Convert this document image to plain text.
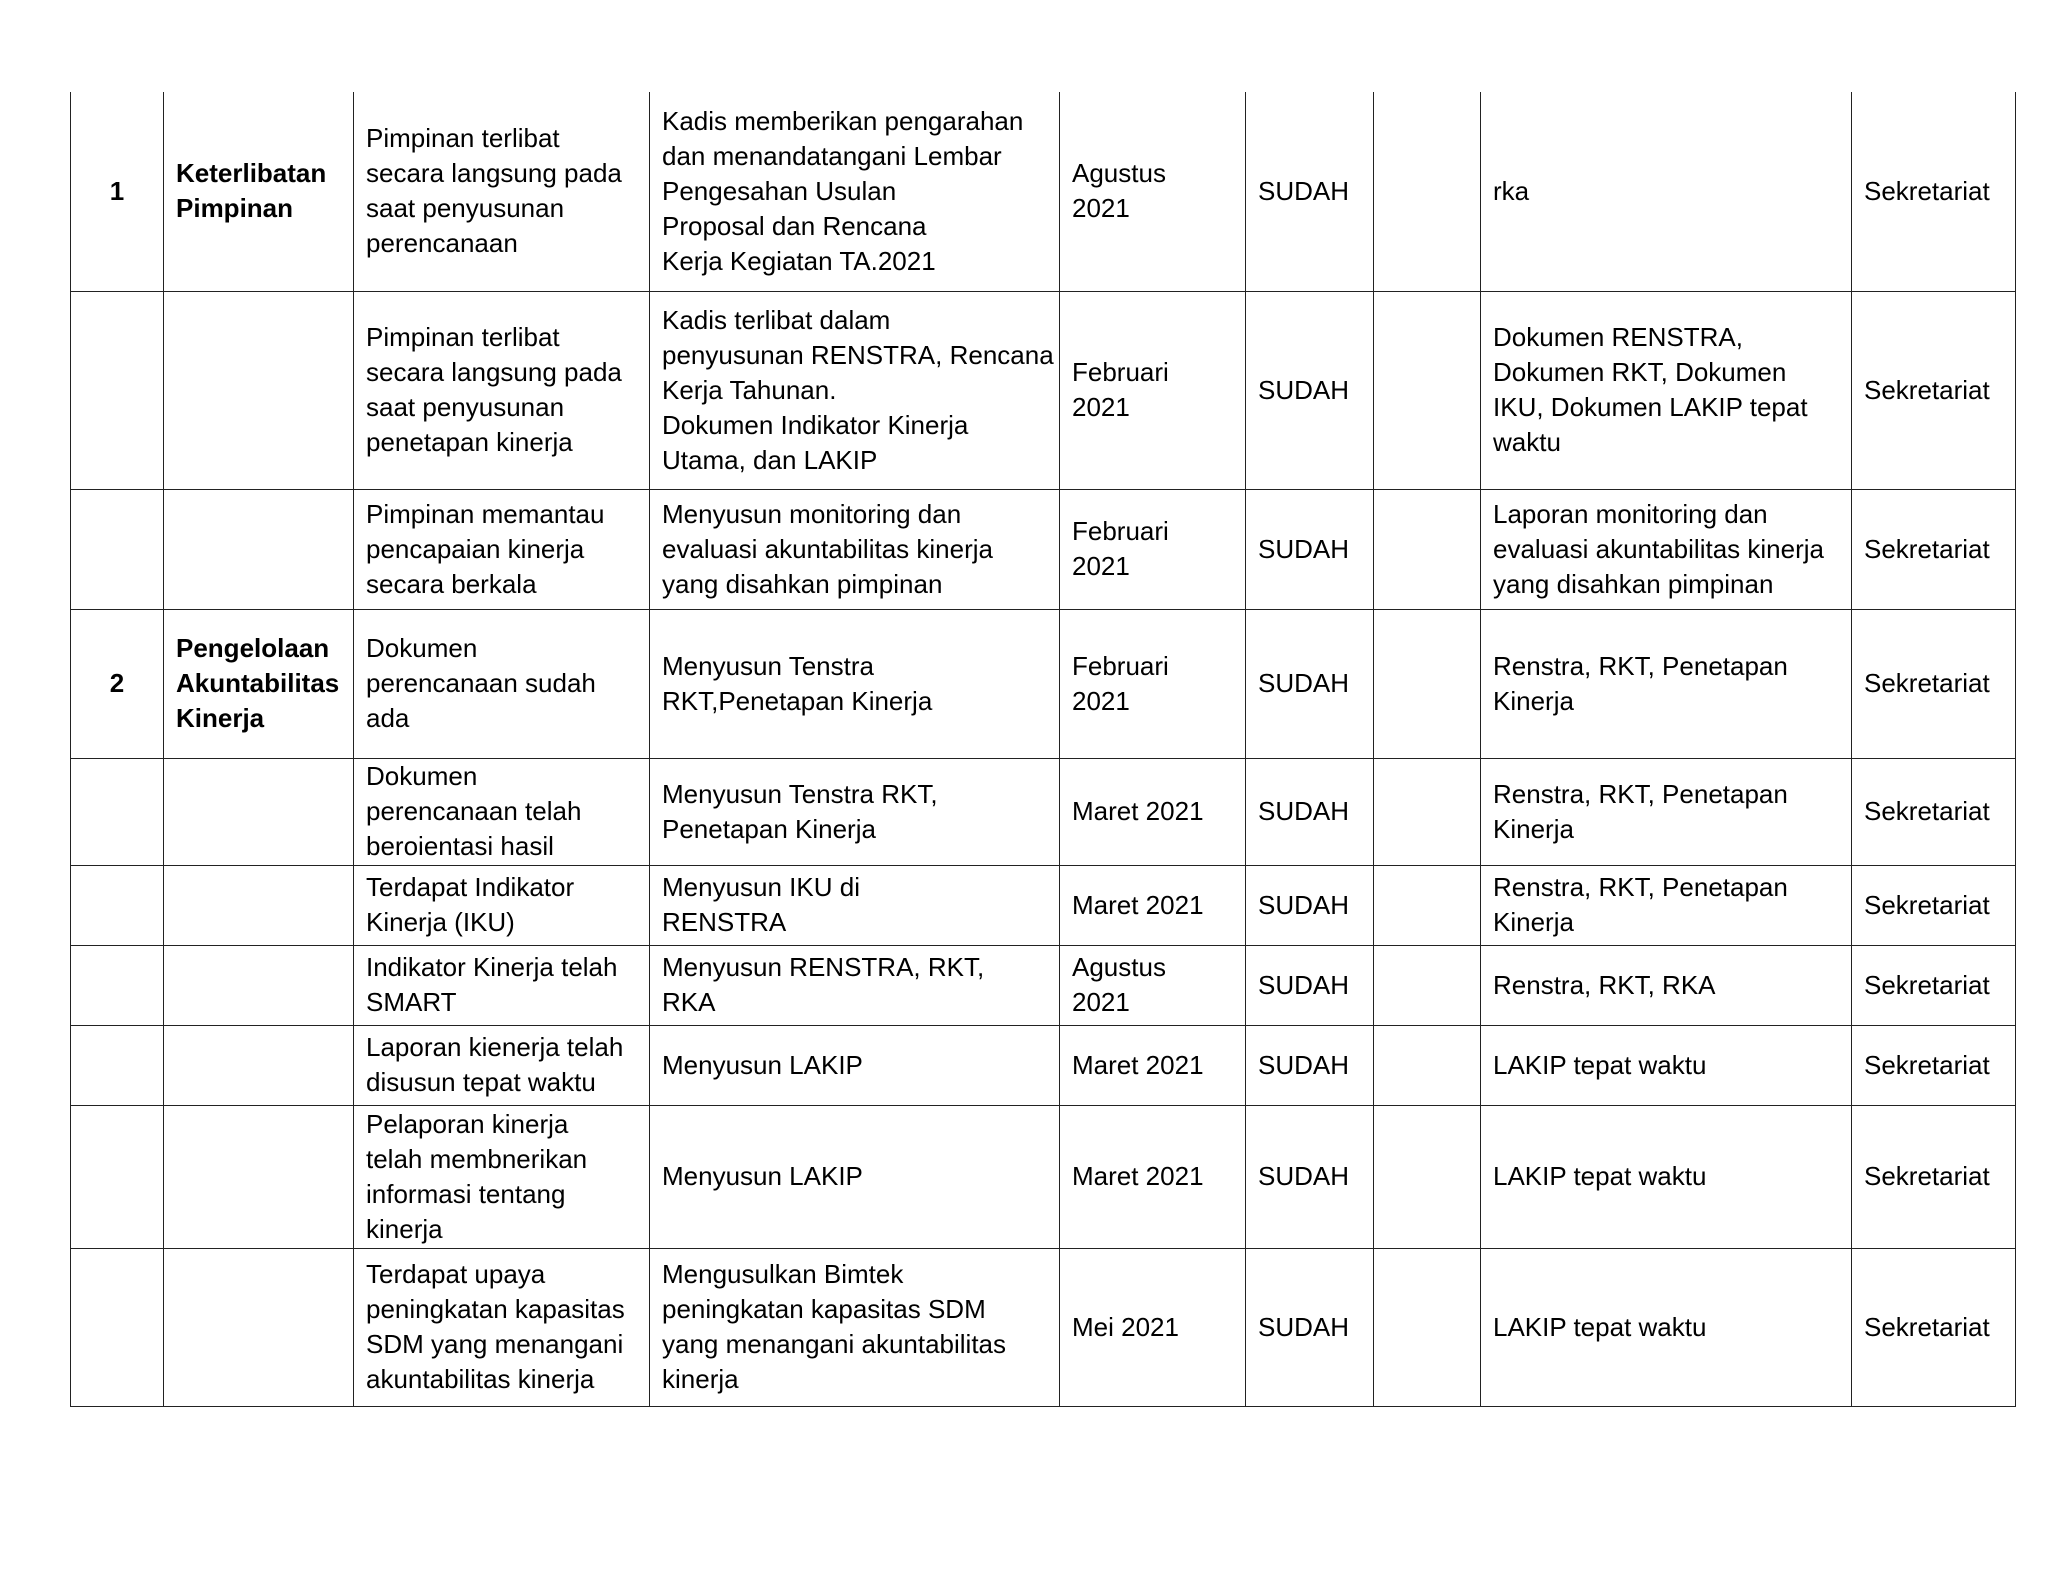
1	Keterlibatan
Pimpinan	Pimpinan terlibat
secara langsung pada
saat penyusunan
perencanaan	Kadis memberikan pengarahan
dan menandatangani Lembar
Pengesahan Usulan
Proposal dan Rencana
Kerja Kegiatan TA.2021	Agustus
2021	SUDAH		rka	Sekretariat

		Pimpinan terlibat
secara langsung pada
saat penyusunan
penetapan kinerja	Kadis terlibat dalam
penyusunan RENSTRA, Rencana
Kerja Tahunan.
Dokumen Indikator Kinerja
Utama, dan LAKIP	Februari
2021	SUDAH		Dokumen RENSTRA,
Dokumen RKT, Dokumen
IKU, Dokumen LAKIP tepat
waktu	Sekretariat

		Pimpinan memantau
pencapaian kinerja
secara berkala	Menyusun monitoring dan
evaluasi akuntabilitas kinerja
yang disahkan pimpinan	Februari
2021	SUDAH		Laporan monitoring dan
evaluasi akuntabilitas kinerja
yang disahkan pimpinan	Sekretariat
2	Pengelolaan
Akuntabilitas
Kinerja	Dokumen
perencanaan sudah
ada	Menyusun Tenstra
RKT,Penetapan Kinerja	Februari
2021	SUDAH		Renstra, RKT, Penetapan
Kinerja	Sekretariat

		Dokumen
perencanaan telah
beroientasi hasil	Menyusun Tenstra RKT,
Penetapan Kinerja	Maret 2021	SUDAH		Renstra, RKT, Penetapan
Kinerja	Sekretariat

		Terdapat Indikator
Kinerja (IKU)	Menyusun IKU di
RENSTRA	Maret 2021	SUDAH		Renstra, RKT, Penetapan
Kinerja	Sekretariat

		Indikator Kinerja telah
SMART	Menyusun RENSTRA, RKT,
RKA	Agustus
2021	SUDAH		Renstra, RKT, RKA	Sekretariat

		Laporan kienerja telah
disusun tepat waktu	Menyusun LAKIP	Maret 2021	SUDAH		LAKIP tepat waktu	Sekretariat

		Pelaporan kinerja
telah membnerikan
informasi tentang
kinerja	Menyusun LAKIP	Maret 2021	SUDAH		LAKIP tepat waktu	Sekretariat

		Terdapat upaya
peningkatan kapasitas
SDM yang menangani
akuntabilitas kinerja	Mengusulkan Bimtek
peningkatan kapasitas SDM
yang menangani akuntabilitas
kinerja	Mei 2021	SUDAH		LAKIP tepat waktu	Sekretariat
